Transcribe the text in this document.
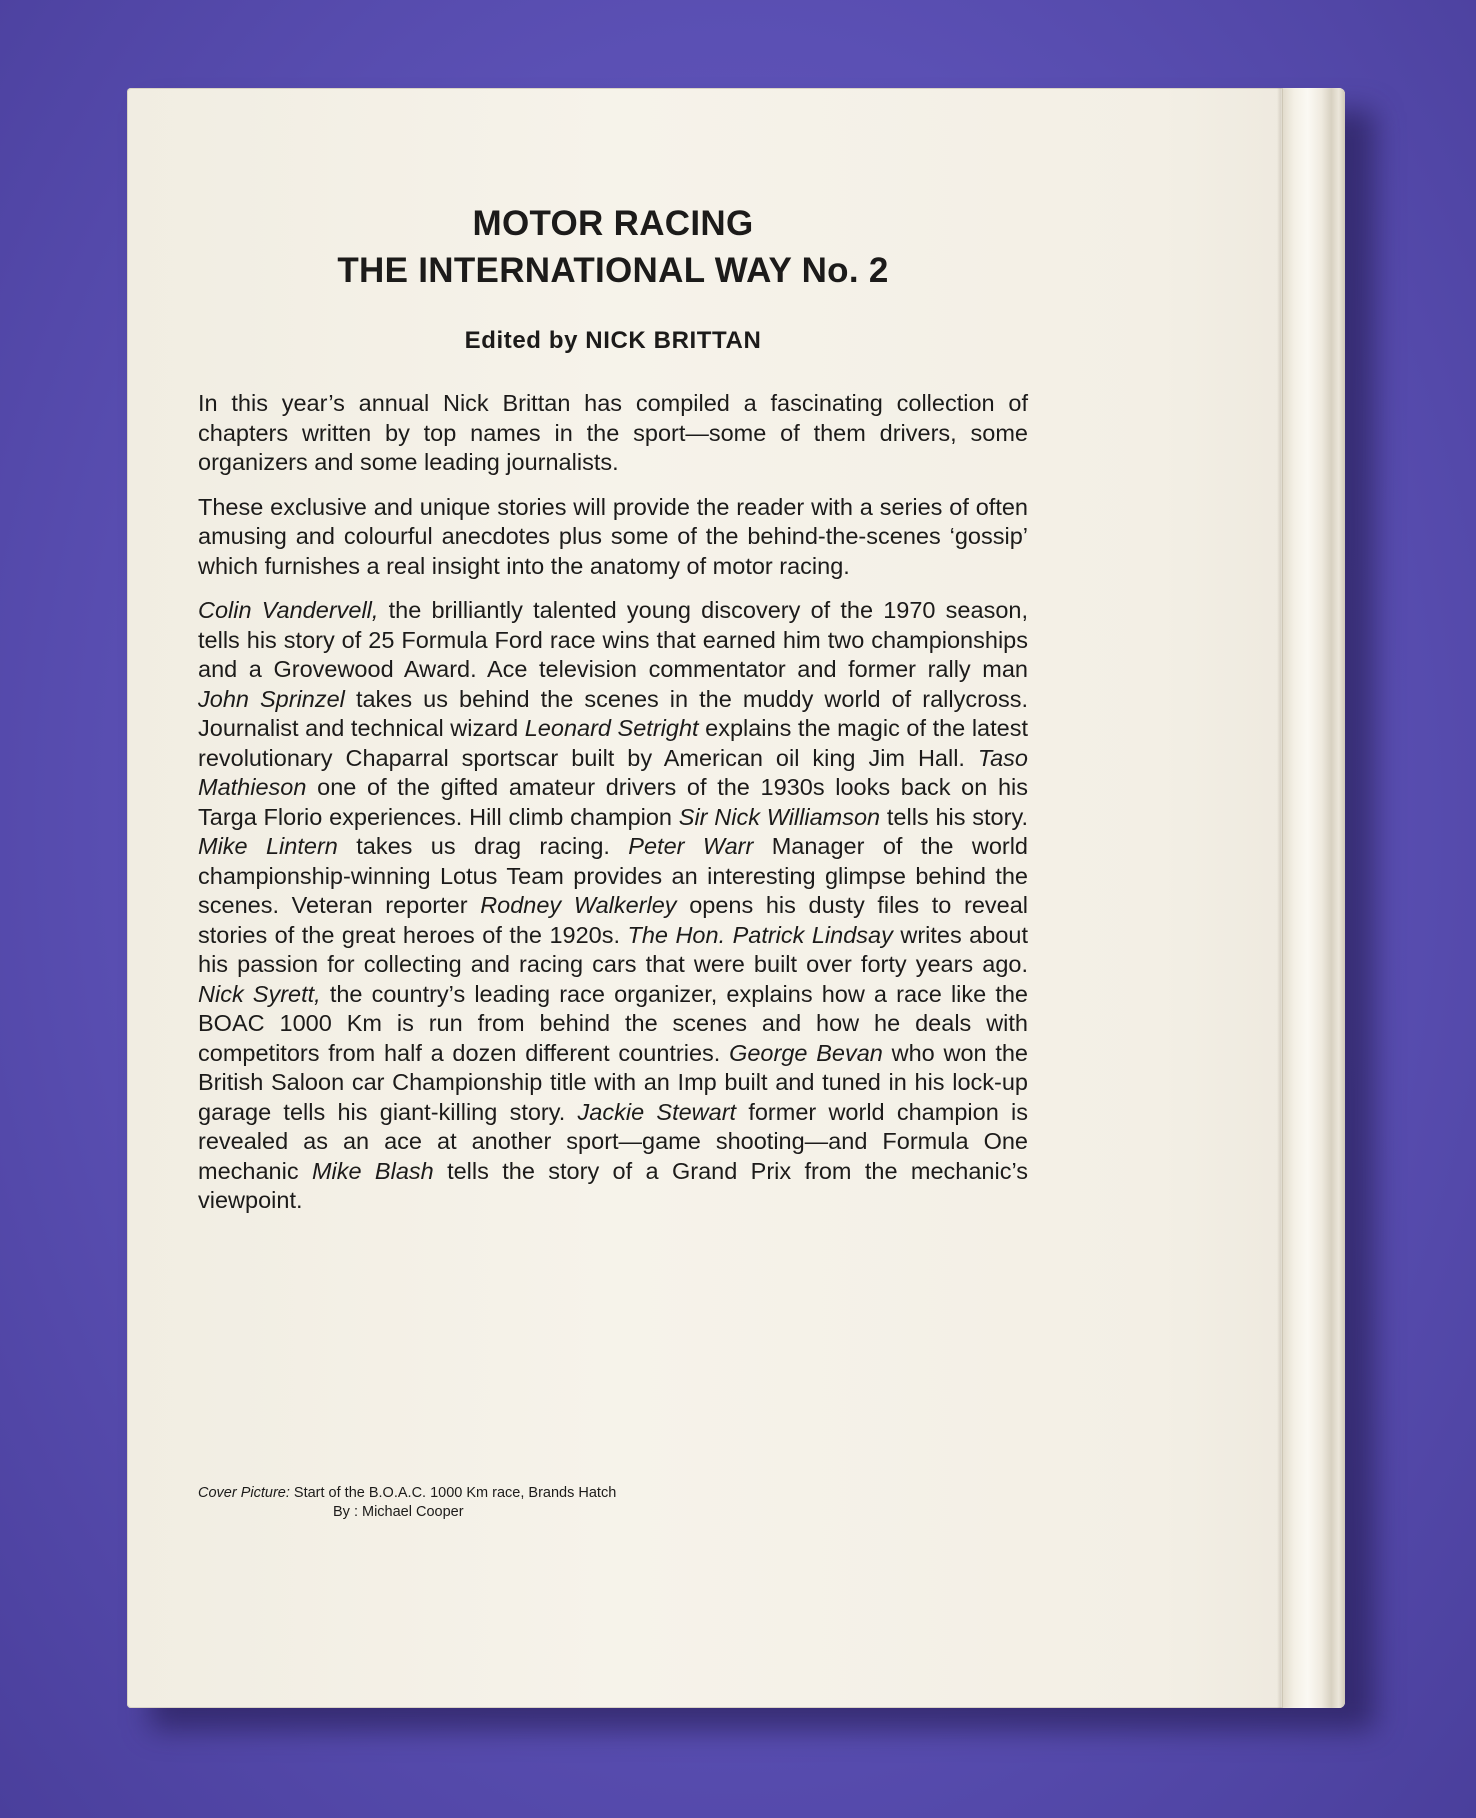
MOTOR RACING
THE INTERNATIONAL WAY No. 2
Edited by NICK BRITTAN

In this year’s annual Nick Brittan has compiled a fascinating collection of chapters written by top names in the sport—some of them drivers, some organizers and some leading journalists.

These exclusive and unique stories will provide the reader with a series of often amusing and colourful anecdotes plus some of the behind-the-scenes ‘gossip’ which furnishes a real insight into the anatomy of motor racing.

Colin Vandervell, the brilliantly talented young discovery of the 1970 season, tells his story of 25 Formula Ford race wins that earned him two championships and a Grovewood Award. Ace television commentator and former rally man John Sprinzel takes us behind the scenes in the muddy world of rallycross. Journalist and technical wizard Leonard Setright explains the magic of the latest revolutionary Chaparral sportscar built by American oil king Jim Hall. Taso Mathieson one of the gifted amateur drivers of the 1930s looks back on his Targa Florio experiences. Hill climb champion Sir Nick Williamson tells his story. Mike Lintern takes us drag racing. Peter Warr Manager of the world championship-winning Lotus Team provides an interesting glimpse behind the scenes. Veteran reporter Rodney Walkerley opens his dusty files to reveal stories of the great heroes of the 1920s. The Hon. Patrick Lindsay writes about his passion for collecting and racing cars that were built over forty years ago. Nick Syrett, the country’s leading race organizer, explains how a race like the BOAC 1000 Km is run from behind the scenes and how he deals with competitors from half a dozen different countries. George Bevan who won the British Saloon car Championship title with an Imp built and tuned in his lock-up garage tells his giant-killing story. Jackie Stewart former world champion is revealed as an ace at another sport—game shooting—and Formula One mechanic Mike Blash tells the story of a Grand Prix from the mechanic’s viewpoint.

Cover Picture: Start of the B.O.A.C. 1000 Km race, Brands Hatch
By : Michael Cooper
